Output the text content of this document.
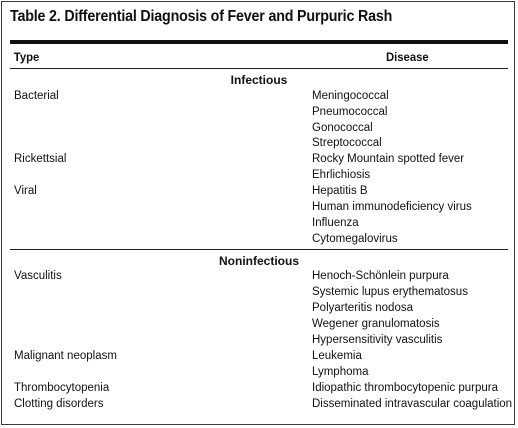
Table 2. Differential Diagnosis of Fever and Purpuric Rash
Type	Disease
Infectious
Bacterial	Meningococcal
Pneumococcal
Gonococcal
Streptococcal
Rickettsial	Rocky Mountain spotted fever
Ehrlichiosis
Viral	Hepatitis B
Human immunodeficiency virus
Influenza
Cytomegalovirus
Noninfectious
Vasculitis	Henoch-Schönlein purpura
Systemic lupus erythematosus
Polyarteritis nodosa
Wegener granulomatosis
Hypersensitivity vasculitis
Malignant neoplasm	Leukemia
Lymphoma
Thrombocytopenia	Idiopathic thrombocytopenic purpura
Clotting disorders	Disseminated intravascular coagulation
